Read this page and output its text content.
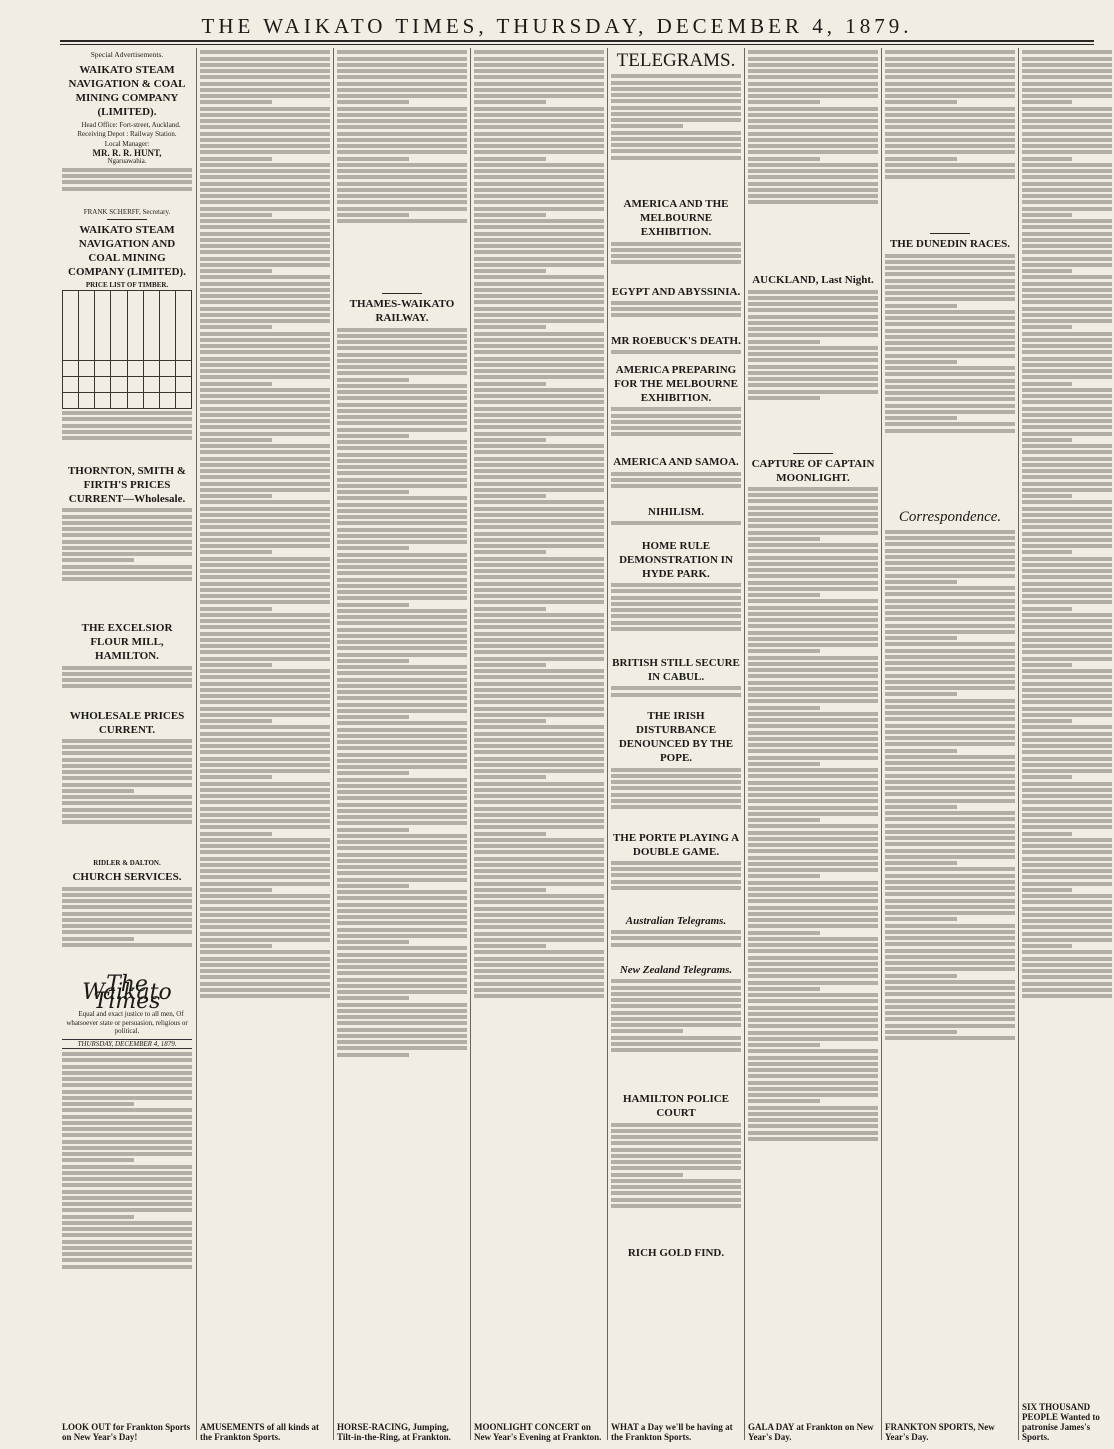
THE WAIKATO TIMES, THURSDAY, DECEMBER 4, 1879.
Special Advertisements.
WAIKATO STEAM NAVIGATION & COAL MINING COMPANY (LIMITED).
Head Office: Fort-street, Auckland. Receiving Depot : Railway Station.
Local Manager:
MR. R. R. HUNT,
Ngaruawahia.
FRANK SCHERFF, Secretary.
WAIKATO STEAM NAVIGATION AND COAL MINING COMPANY (LIMITED).
PRICE LIST OF TIMBER.

THORNTON, SMITH & FIRTH'S PRICES CURRENT—Wholesale.
THE EXCELSIOR FLOUR MILL, HAMILTON.
WHOLESALE PRICES CURRENT.
RIDLER & DALTON.
CHURCH SERVICES.
The Waikato Times
Equal and exact justice to all men, Of whatsoever state or persuasion, religious or political.
THURSDAY, DECEMBER 4, 1879.
LOOK OUT for Frankton Sports on New Year's Day!
AMUSEMENTS of all kinds at the Frankton Sports.
THAMES-WAIKATO RAILWAY.
HORSE-RACING, Jumping, Tilt-in-the-Ring, at Frankton.
MOONLIGHT CONCERT on New Year's Evening at Frankton.
TELEGRAMS.
AMERICA AND THE MELBOURNE EXHIBITION.
EGYPT AND ABYSSINIA.
MR ROEBUCK'S DEATH.
AMERICA PREPARING FOR THE MELBOURNE EXHIBITION.
AMERICA AND SAMOA.
NIHILISM.
HOME RULE DEMONSTRATION IN HYDE PARK.
BRITISH STILL SECURE IN CABUL.
THE IRISH DISTURBANCE DENOUNCED BY THE POPE.
THE PORTE PLAYING A DOUBLE GAME.
Australian Telegrams.
New Zealand Telegrams.
HAMILTON POLICE COURT
RICH GOLD FIND.
WHAT a Day we'll be having at the Frankton Sports.
AUCKLAND, Last Night.
CAPTURE OF CAPTAIN MOONLIGHT.
GALA DAY at Frankton on New Year's Day.
THE DUNEDIN RACES.
Correspondence.
FRANKTON SPORTS, New Year's Day.
SIX THOUSAND PEOPLE Wanted to patronise James's Sports.
